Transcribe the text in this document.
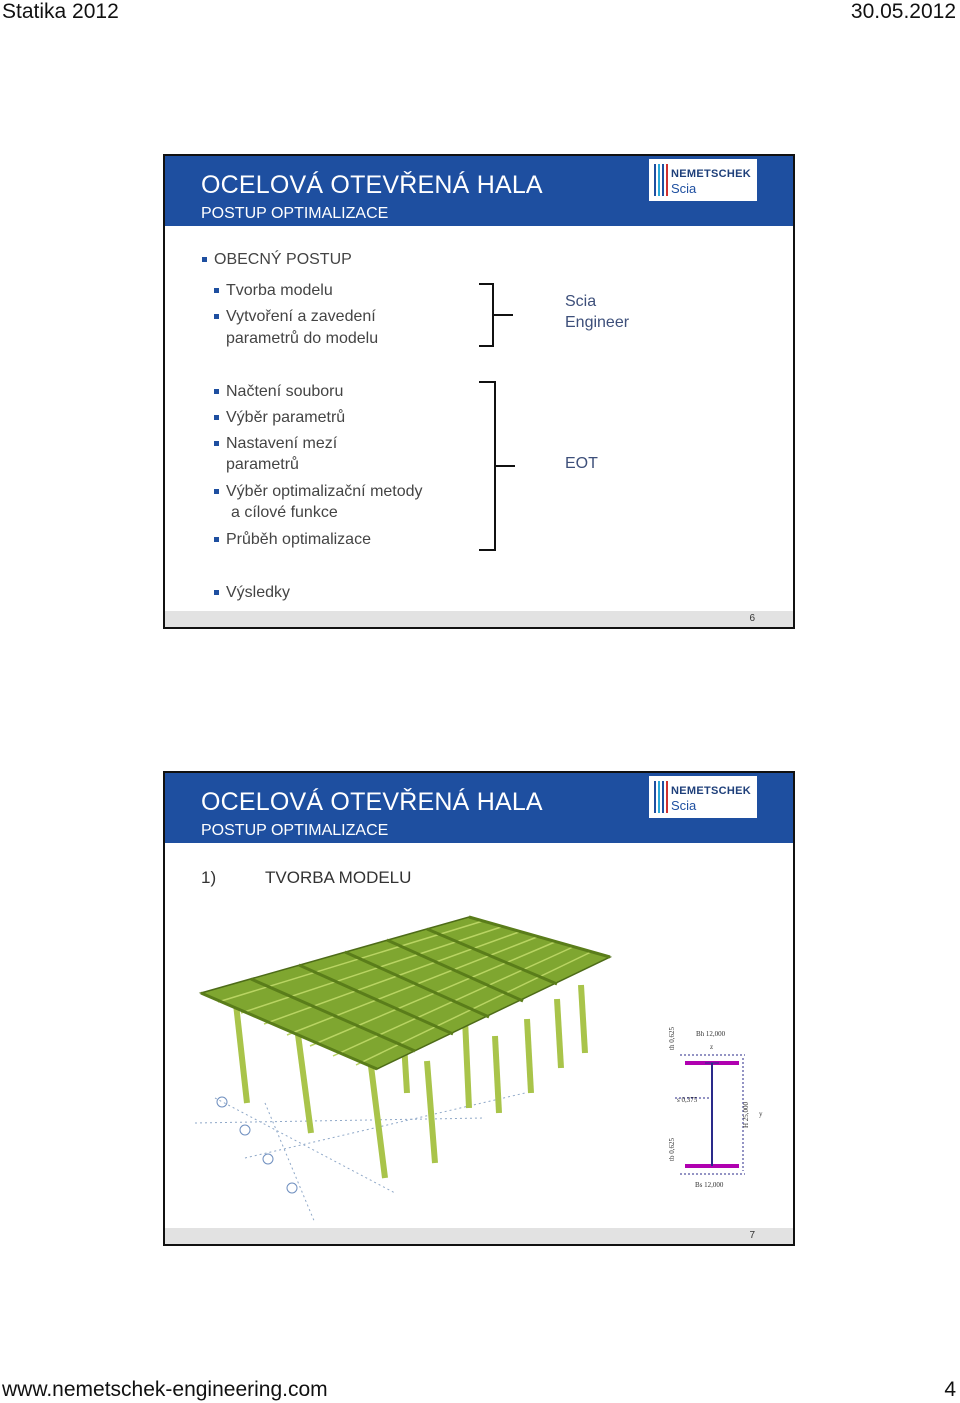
Statika 2012	30.05.2012
OCELOVÁ OTEVŘENÁ HALA
POSTUP OPTIMALIZACE
NEMETSCHEK
Scia
OBECNÝ POSTUP
Tvorba modelu
Vytvoření a zavedení
parametrů do modelu
Scia
Engineer
Načtení souboru
Výběr parametrů
Nastavení mezí
parametrů
Výběr optimalizační metody
a cílové funkce
Průběh optimalizace
EOT
Výsledky
6
OCELOVÁ OTEVŘENÁ HALA
POSTUP OPTIMALIZACE
NEMETSCHEK
Scia
1)	TVORBA MODELU
Bh 12,000
th 0,625	z
s 0,375
H 25,000 y
tb 0,625
Bs 12,000
7
www.nemetschek-engineering.com	4
